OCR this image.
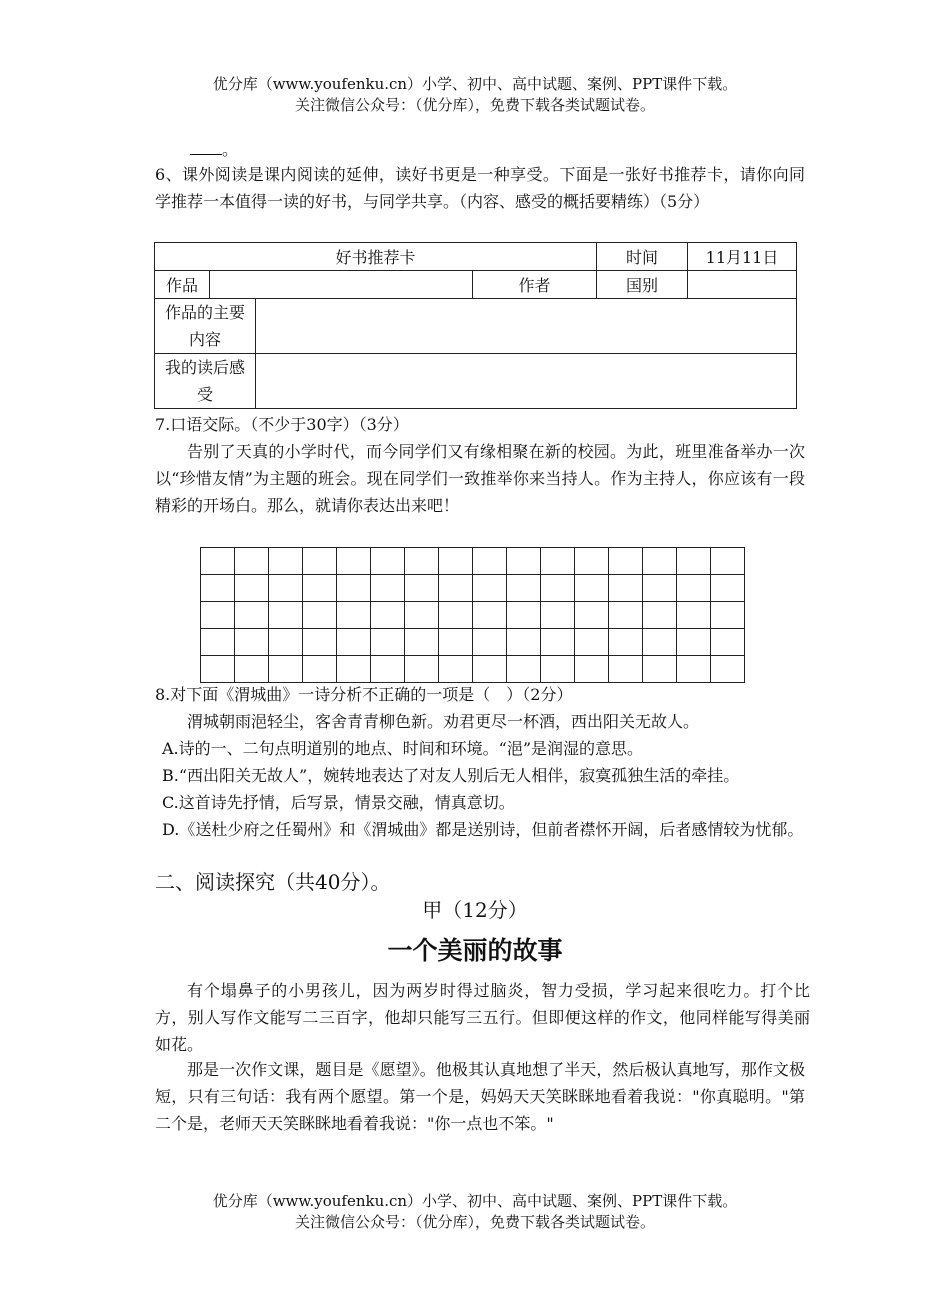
优分库（www.youfenku.cn）小学、初中、高中试题、案例、PPT课件下载。
关注微信公众号：（优分库），免费下载各类试题试卷。
。
6、课外阅读是课内阅读的延伸，读好书更是一种享受。下面是一张好书推荐卡，请你向同学推荐一本值得一读的好书，与同学共享。（内容、感受的概括要精练）（5分）
好书推荐卡				时间	11月11日
作品			作者	国别	
作品的主要内容					
我的读后感受					
7.口语交际。（不少于30字）（3分）
告别了天真的小学时代，而今同学们又有缘相聚在新的校园。为此，班里准备举办一次以“珍惜友情”为主题的班会。现在同学们一致推举你来当持人。作为主持人，你应该有一段精彩的开场白。那么，就请你表达出来吧！

8.对下面《渭城曲》一诗分析不正确的一项是（　）（2分）
渭城朝雨浥轻尘，客舍青青柳色新。劝君更尽一杯酒，西出阳关无故人。
A.诗的一、二句点明道别的地点、时间和环境。“浥”是润湿的意思。
B.“西出阳关无故人”，婉转地表达了对友人别后无人相伴，寂寞孤独生活的牵挂。
C.这首诗先抒情，后写景，情景交融，情真意切。
D.《送杜少府之任蜀州》和《渭城曲》都是送别诗，但前者襟怀开阔，后者感情较为忧郁。
二、阅读探究（共40分）。
甲（12分）
一个美丽的故事
有个塌鼻子的小男孩儿，因为两岁时得过脑炎，智力受损，学习起来很吃力。打个比方，别人写作文能写二三百字，他却只能写三五行。但即便这样的作文，他同样能写得美丽如花。
那是一次作文课，题目是《愿望》。他极其认真地想了半天，然后极认真地写，那作文极短，只有三句话：我有两个愿望。第一个是，妈妈天天笑眯眯地看着我说："你真聪明。"第二个是，老师天天笑眯眯地看着我说："你一点也不笨。"
优分库（www.youfenku.cn）小学、初中、高中试题、案例、PPT课件下载。
关注微信公众号：（优分库），免费下载各类试题试卷。
